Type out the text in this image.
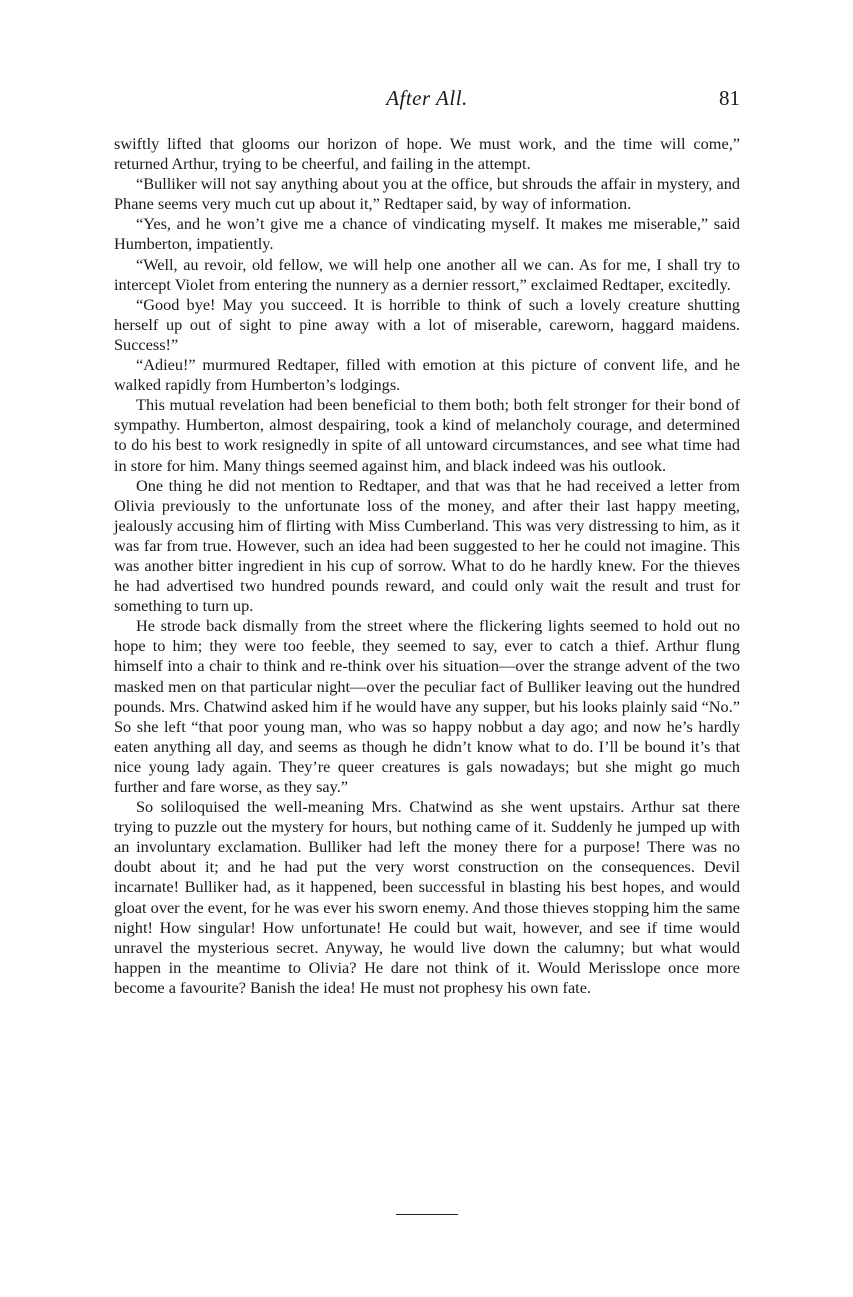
After All.	81

swiftly lifted that glooms our horizon of hope. We must work, and the time will come,” returned Arthur, trying to be cheerful, and failing in the attempt.

“Bulliker will not say anything about you at the office, but shrouds the affair in mystery, and Phane seems very much cut up about it,” Redtaper said, by way of information.

“Yes, and he won’t give me a chance of vindicating myself. It makes me miserable,” said Humberton, impatiently.

“Well, au revoir, old fellow, we will help one another all we can. As for me, I shall try to intercept Violet from entering the nunnery as a dernier ressort,” exclaimed Redtaper, excitedly.

“Good bye! May you succeed. It is horrible to think of such a lovely creature shutting herself up out of sight to pine away with a lot of miserable, careworn, haggard maidens. Success!”

“Adieu!” murmured Redtaper, filled with emotion at this picture of convent life, and he walked rapidly from Humberton’s lodgings.

This mutual revelation had been beneficial to them both; both felt stronger for their bond of sympathy. Humberton, almost despairing, took a kind of melancholy courage, and determined to do his best to work resignedly in spite of all untoward circumstances, and see what time had in store for him. Many things seemed against him, and black indeed was his outlook.

One thing he did not mention to Redtaper, and that was that he had received a letter from Olivia previously to the unfortunate loss of the money, and after their last happy meeting, jealously accusing him of flirting with Miss Cumberland. This was very distressing to him, as it was far from true. However, such an idea had been suggested to her he could not imagine. This was another bitter ingredient in his cup of sorrow. What to do he hardly knew. For the thieves he had advertised two hundred pounds reward, and could only wait the result and trust for something to turn up.

He strode back dismally from the street where the flickering lights seemed to hold out no hope to him; they were too feeble, they seemed to say, ever to catch a thief. Arthur flung himself into a chair to think and re-think over his situation—over the strange advent of the two masked men on that particular night—over the peculiar fact of Bulliker leaving out the hundred pounds. Mrs. Chatwind asked him if he would have any supper, but his looks plainly said “No.” So she left “that poor young man, who was so happy nobbut a day ago; and now he’s hardly eaten anything all day, and seems as though he didn’t know what to do. I’ll be bound it’s that nice young lady again. They’re queer creatures is gals nowadays; but she might go much further and fare worse, as they say.”

So soliloquised the well-meaning Mrs. Chatwind as she went upstairs. Arthur sat there trying to puzzle out the mystery for hours, but nothing came of it. Suddenly he jumped up with an involuntary exclamation. Bulliker had left the money there for a purpose! There was no doubt about it; and he had put the very worst construction on the consequences. Devil incarnate! Bulliker had, as it happened, been successful in blasting his best hopes, and would gloat over the event, for he was ever his sworn enemy. And those thieves stopping him the same night! How singular! How unfortunate! He could but wait, however, and see if time would unravel the mysterious secret. Anyway, he would live down the calumny; but what would happen in the meantime to Olivia? He dare not think of it. Would Merisslope once more become a favourite? Banish the idea! He must not prophesy his own fate.
